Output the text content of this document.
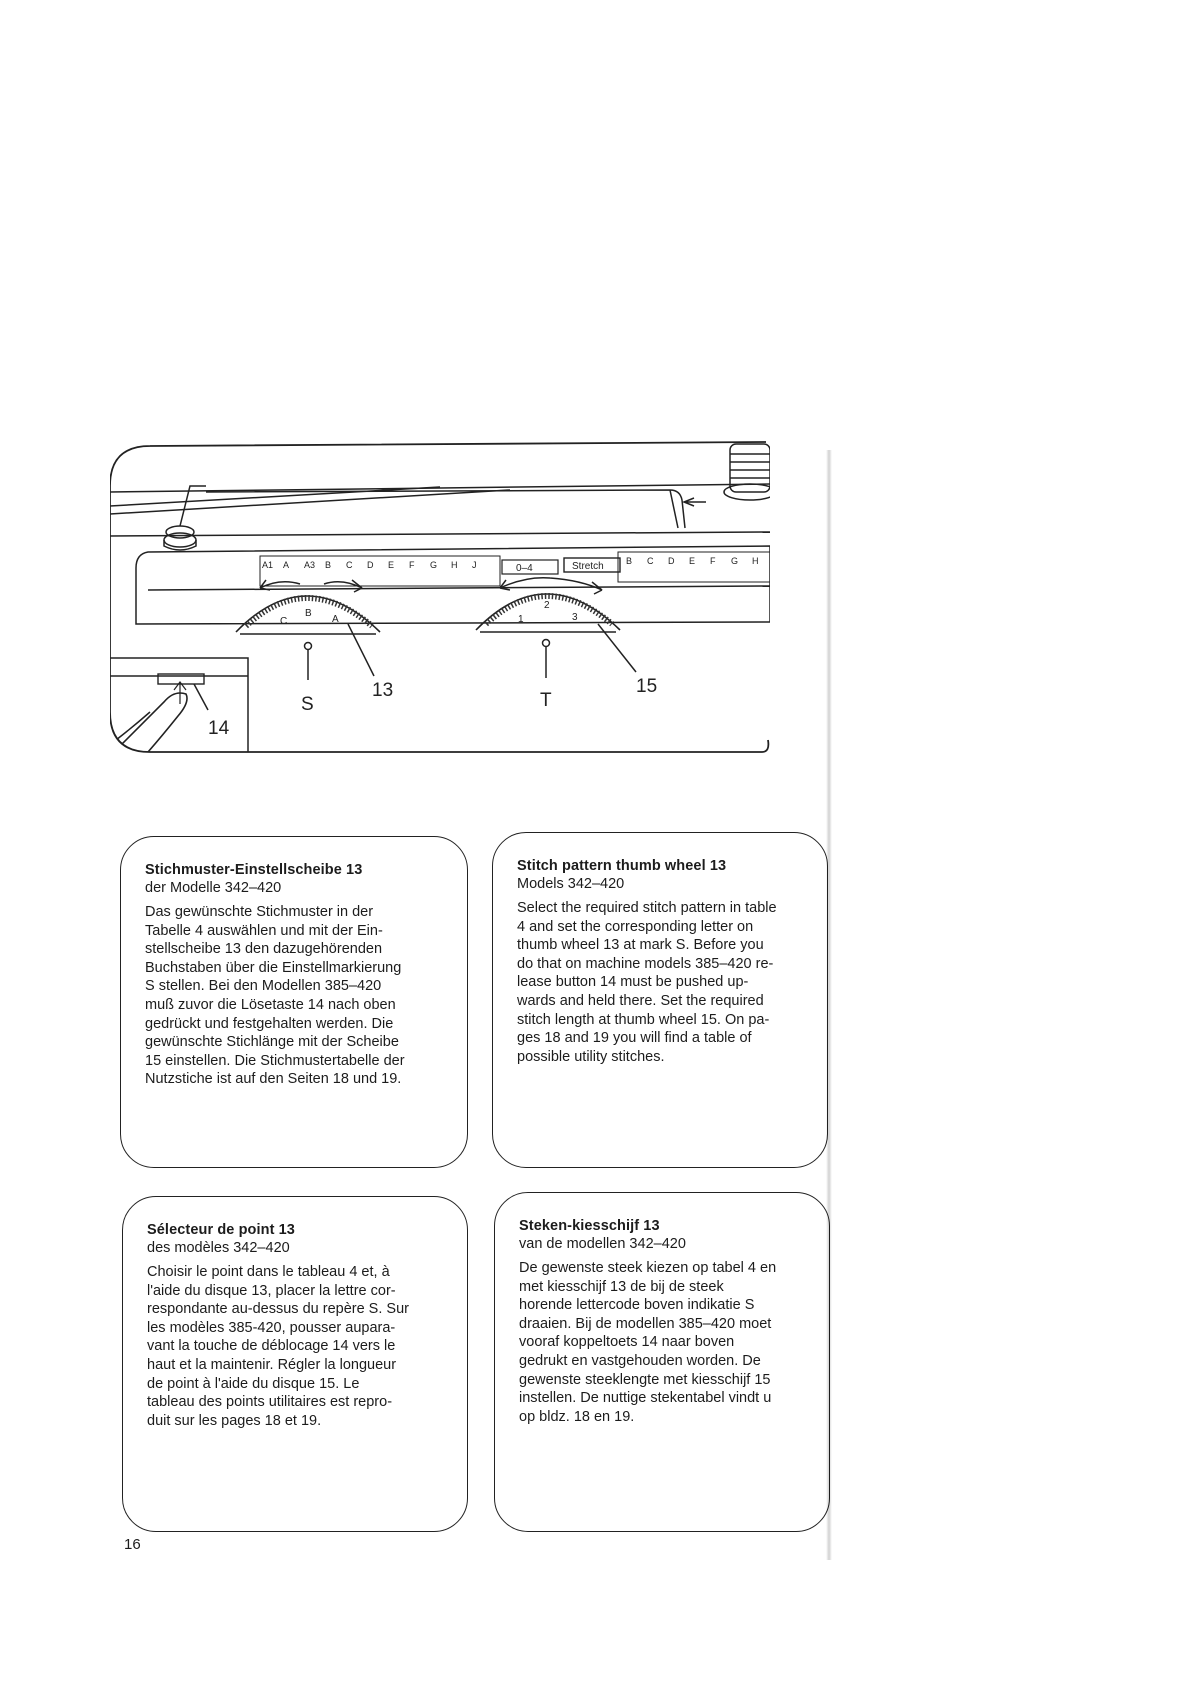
A1 A A3 B C D E F G H J	0–4	Stretch B C D E F G H
C
B
A	1
2
3
S
13	T
15
14
Stichmuster-Einstellscheibe 13
der Modelle 342–420
Das gewünschte Stichmuster in der
Tabelle 4 auswählen und mit der Ein-
stellscheibe 13 den dazugehörenden
Buchstaben über die Einstellmarkierung
S stellen. Bei den Modellen 385–420
muß zuvor die Lösetaste 14 nach oben
gedrückt und festgehalten werden. Die
gewünschte Stichlänge mit der Scheibe
15 einstellen. Die Stichmustertabelle der
Nutzstiche ist auf den Seiten 18 und 19.
Stitch pattern thumb wheel 13
Models 342–420
Select the required stitch pattern in table
4 and set the corresponding letter on
thumb wheel 13 at mark S. Before you
do that on machine models 385–420 re-
lease button 14 must be pushed up-
wards and held there. Set the required
stitch length at thumb wheel 15. On pa-
ges 18 and 19 you will find a table of
possible utility stitches.
Sélecteur de point 13
des modèles 342–420
Choisir le point dans le tableau 4 et, à
l'aide du disque 13, placer la lettre cor-
respondante au-dessus du repère S. Sur
les modèles 385-420, pousser aupara-
vant la touche de déblocage 14 vers le
haut et la maintenir. Régler la longueur
de point à l'aide du disque 15. Le
tableau des points utilitaires est repro-
duit sur les pages 18 et 19.
Steken-kiesschijf 13
van de modellen 342–420
De gewenste steek kiezen op tabel 4 en
met kiesschijf 13 de bij de steek
horende lettercode boven indikatie S
draaien. Bij de modellen 385–420 moet
vooraf koppeltoets 14 naar boven
gedrukt en vastgehouden worden. De
gewenste steeklengte met kiesschijf 15
instellen. De nuttige stekentabel vindt u
op bldz. 18 en 19.
16
